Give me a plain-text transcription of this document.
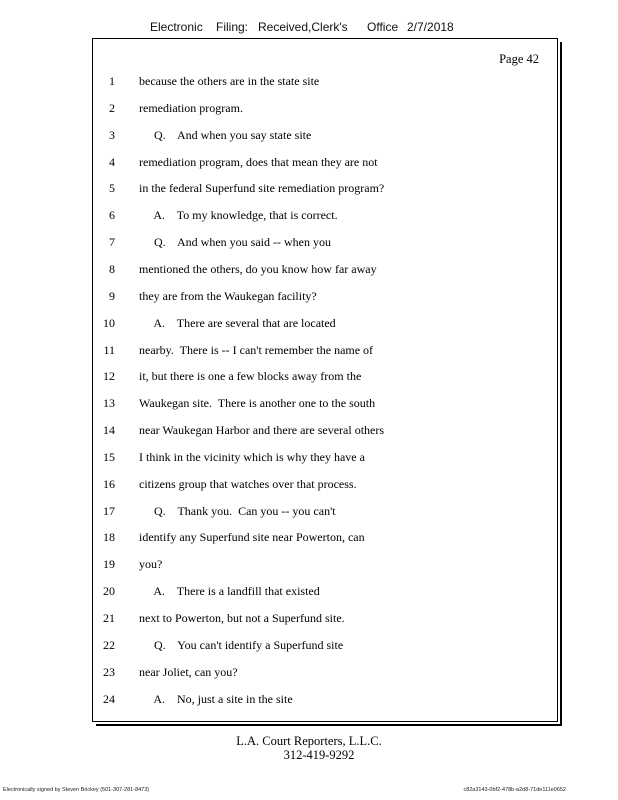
Electronic Filing: Received,Clerk's Office 2/7/2018
Page 42
1 because the others are in the state site
2 remediation program.
3 Q.    And when you say state site
4 remediation program, does that mean they are not
5 in the federal Superfund site remediation program?
6 A.    To my knowledge, that is correct.
7 Q.    And when you said -- when you
8 mentioned the others, do you know how far away
9 they are from the Waukegan facility?
10 A.    There are several that are located
11 nearby.  There is -- I can't remember the name of
12 it, but there is one a few blocks away from the
13 Waukegan site.  There is another one to the south
14 near Waukegan Harbor and there are several others
15 I think in the vicinity which is why they have a
16 citizens group that watches over that process.
17 Q.    Thank you.  Can you -- you can't
18 identify any Superfund site near Powerton, can
19 you?
20 A.    There is a landfill that existed
21 next to Powerton, but not a Superfund site.
22 Q.    You can't identify a Superfund site
23 near Joliet, can you?
24 A.    No, just a site in the site
L.A. Court Reporters, L.L.C.
312-419-9292
Electronically signed by Steven Brickey (501-307-281-8473)	c82a3143-0bf2-478b-a2d8-71de111e0652
